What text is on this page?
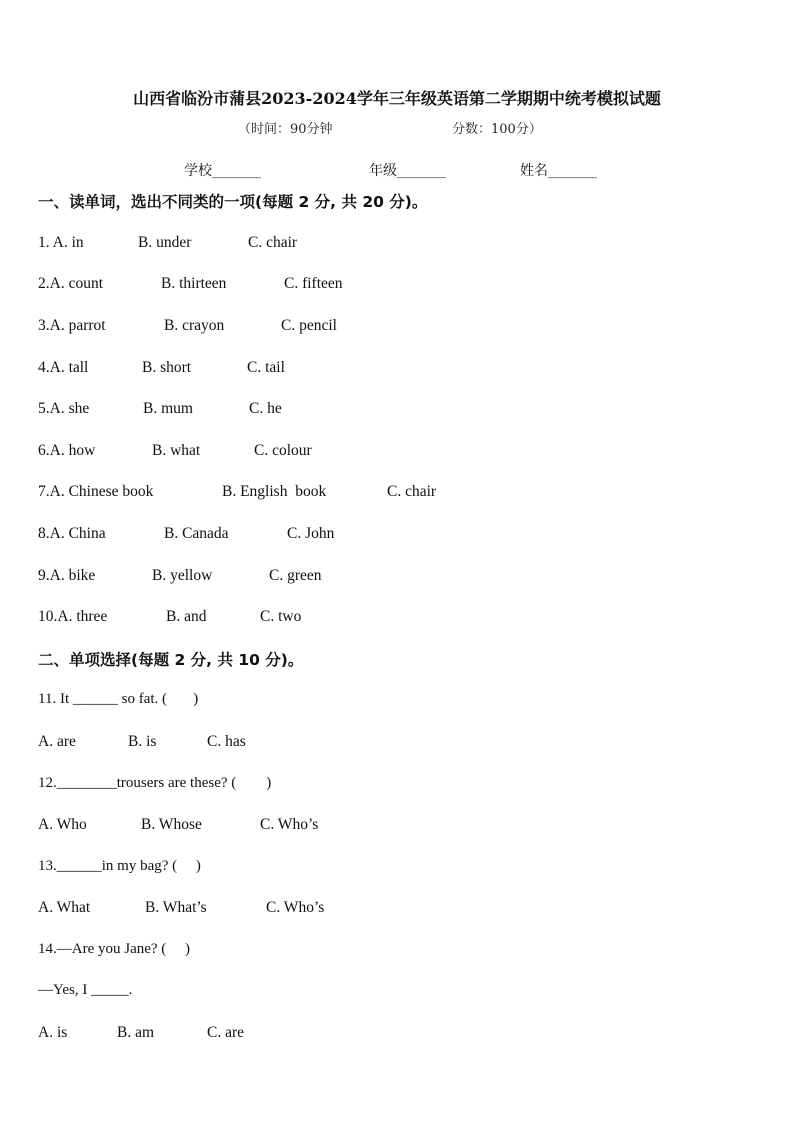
山西省临汾市蒲县2023-2024学年三年级英语第二学期期中统考模拟试题
（时间：90分钟	分数：100分）
学校_______	年级_______	姓名_______
一、读单词，选出不同类的一项(每题 2 分, 共 20 分)。
1. A. in	B. under	C. chair
2.A. count	B. thirteen	C. fifteen
3.A. parrot	B. crayon	C. pencil
4.A. tall	B. short	C. tail
5.A. she	B. mum	C. he
6.A. how	B. what	C. colour
7.A. Chinese book	B. English  book	C. chair
8.A. China	B. Canada	C. John
9.A. bike	B. yellow	C. green
10.A. three	B. and	C. two
二、单项选择(每题 2 分, 共 10 分)。
11. It ______ so fat. (       )
A. are	B. is	C. has
12.________trousers are these? (        )
A. Who	B. Whose	C. Who’s
13.______in my bag? (     )
A. What	B. What’s	C. Who’s
14.—Are you Jane? (     )
—Yes, I _____.
A. is	B. am	C. are
